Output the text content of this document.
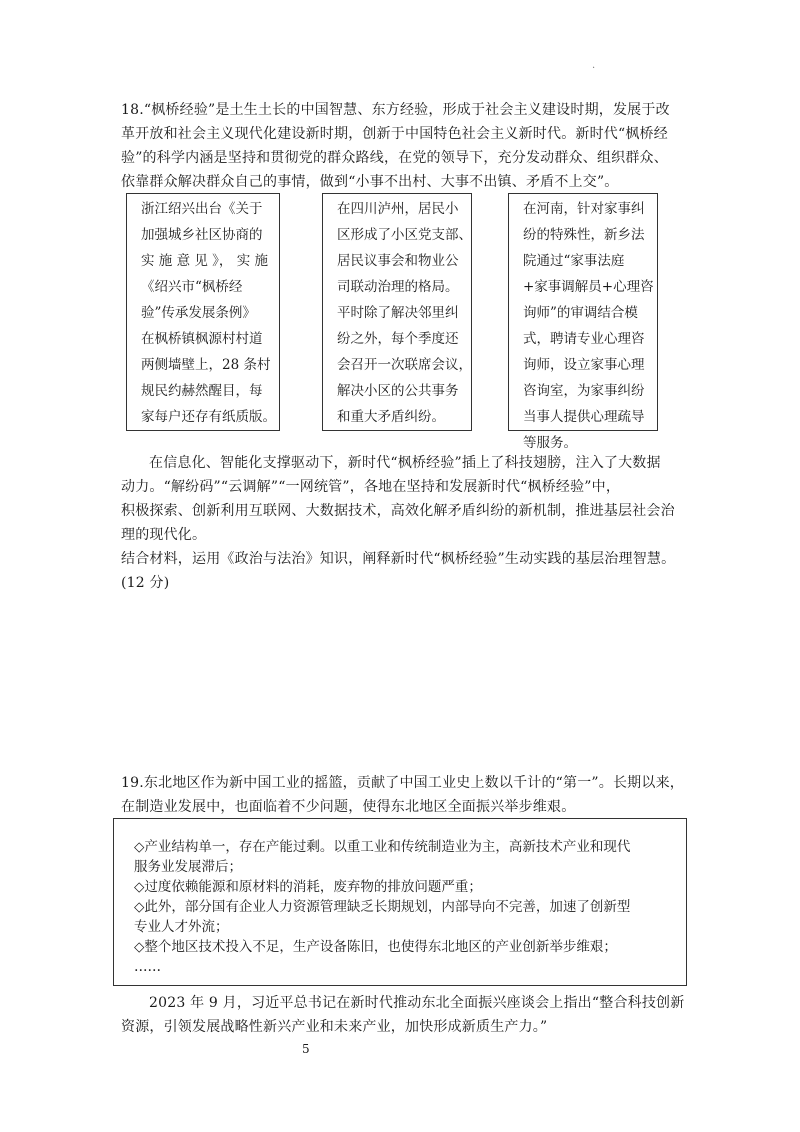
.
18.“枫桥经验”是土生土长的中国智慧、东方经验，形成于社会主义建设时期，发展于改
革开放和社会主义现代化建设新时期，创新于中国特色社会主义新时代。新时代“枫桥经
验”的科学内涵是坚持和贯彻党的群众路线，在党的领导下，充分发动群众、组织群众、
依靠群众解决群众自己的事情，做到“小事不出村、大事不出镇、矛盾不上交”。
浙江绍兴出台《关于
加强城乡社区协商的
实 施 意 见 》， 实 施
《绍兴市“枫桥经
验”传承发展条例》
在枫桥镇枫源村村道
两侧墙壁上，28 条村
规民约赫然醒目，每
家每户还存有纸质版。
在四川泸州，居民小
区形成了小区党支部、
居民议事会和物业公
司联动治理的格局。
平时除了解决邻里纠
纷之外，每个季度还
会召开一次联席会议，
解决小区的公共事务
和重大矛盾纠纷。
在河南，针对家事纠
纷的特殊性，新乡法
院通过“家事法庭
+家事调解员+心理咨
询师”的审调结合模
式，聘请专业心理咨
询师，设立家事心理
咨询室，为家事纠纷
当事人提供心理疏导
等服务。
在信息化、智能化支撑驱动下，新时代“枫桥经验”插上了科技翅膀，注入了大数据
动力。“解纷码”“云调解”“一网统管”，各地在坚持和发展新时代“枫桥经验”中，
积极探索、创新利用互联网、大数据技术，高效化解矛盾纠纷的新机制，推进基层社会治
理的现代化。
结合材料，运用《政治与法治》知识，阐释新时代“枫桥经验”生动实践的基层治理智慧。
(12 分)
19.东北地区作为新中国工业的摇篮，贡献了中国工业史上数以千计的“第一”。长期以来，
在制造业发展中，也面临着不少问题，使得东北地区全面振兴举步维艰。
◇产业结构单一，存在产能过剩。以重工业和传统制造业为主，高新技术产业和现代
服务业发展滞后；
◇过度依赖能源和原材料的消耗，废弃物的排放问题严重；
◇此外，部分国有企业人力资源管理缺乏长期规划，内部导向不完善，加速了创新型
专业人才外流；
◇整个地区技术投入不足，生产设备陈旧，也使得东北地区的产业创新举步维艰；
……
2023 年 9 月，习近平总书记在新时代推动东北全面振兴座谈会上指出“整合科技创新
资源，引领发展战略性新兴产业和未来产业，加快形成新质生产力。”
5
